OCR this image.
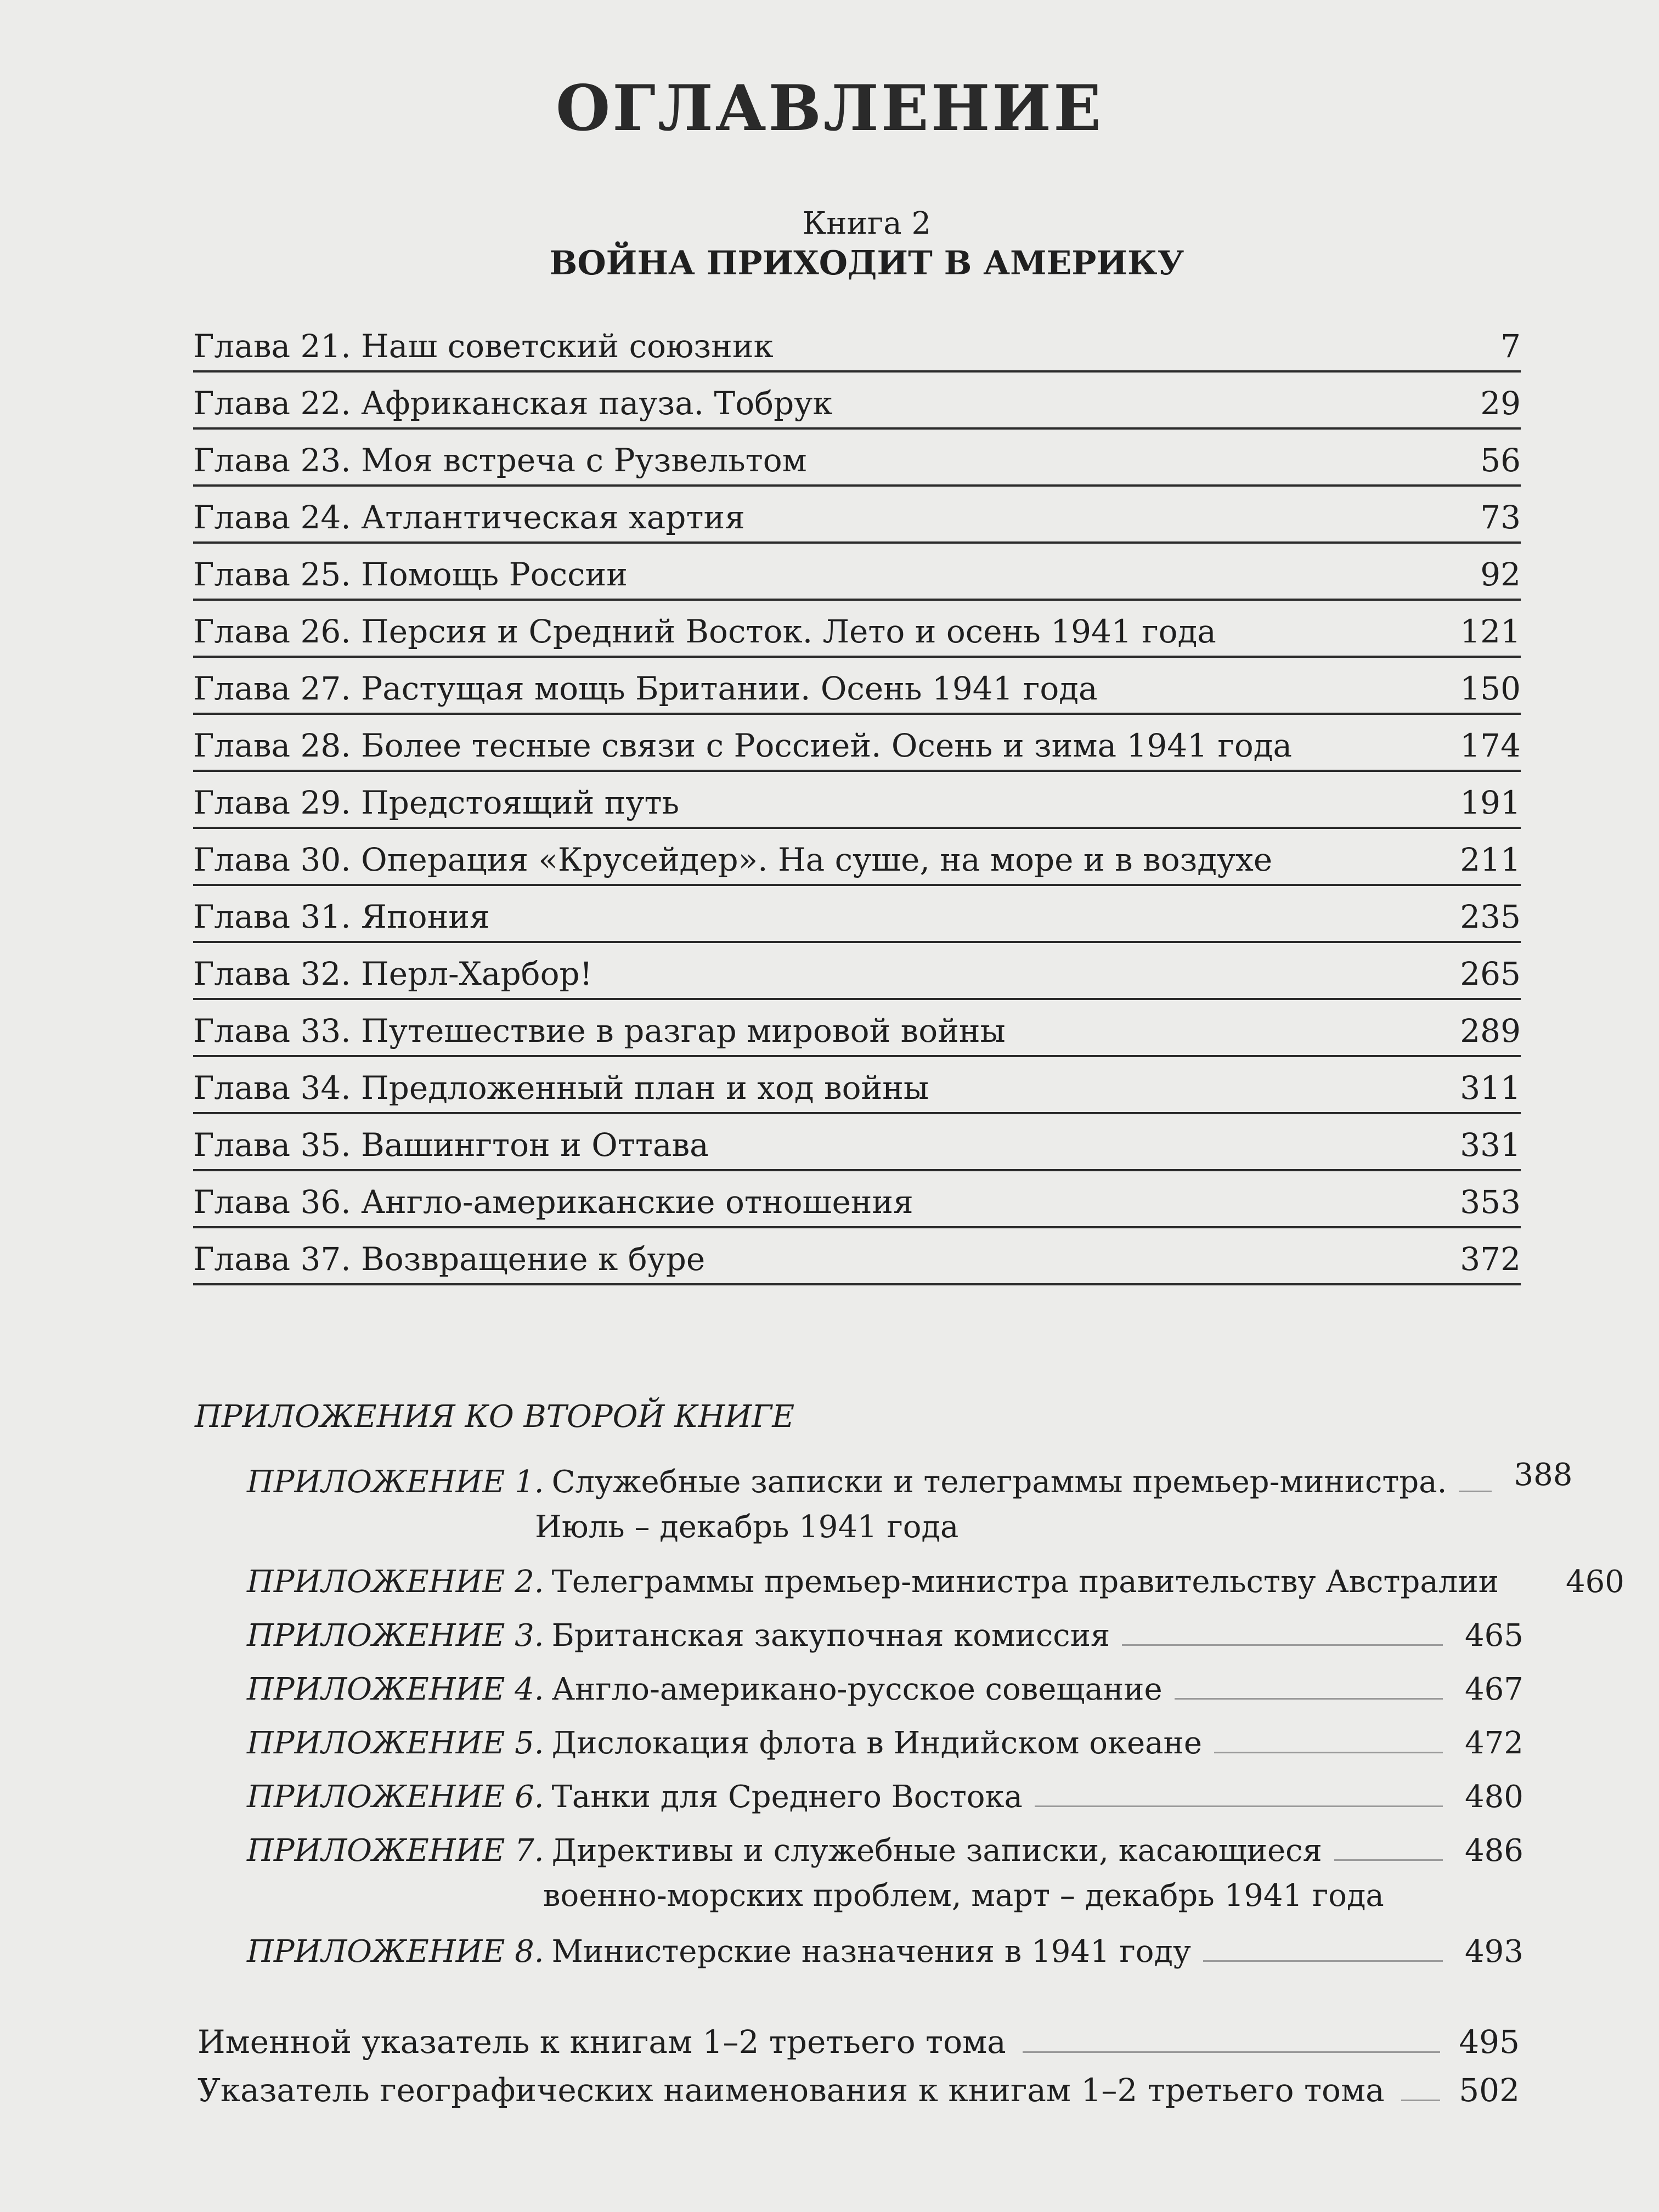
ОГЛАВЛЕНИЕ
Книга 2
ВОЙНА ПРИХОДИТ В АМЕРИКУ
Глава 21. Наш советский союзник	7
Глава 22. Африканская пауза. Тобрук	29
Глава 23. Моя встреча с Рузвельтом	56
Глава 24. Атлантическая хартия	73
Глава 25. Помощь России	92
Глава 26. Персия и Средний Восток. Лето и осень 1941 года	121
Глава 27. Растущая мощь Британии. Осень 1941 года	150
Глава 28. Более тесные связи с Россией. Осень и зима 1941 года	174
Глава 29. Предстоящий путь	191
Глава 30. Операция «Крусейдер». На суше, на море и в воздухе	211
Глава 31. Япония	235
Глава 32. Перл-Харбор!	265
Глава 33. Путешествие в разгар мировой войны	289
Глава 34. Предложенный план и ход войны	311
Глава 35. Вашингтон и Оттава	331
Глава 36. Англо-американские отношения	353
Глава 37. Возвращение к буре	372
ПРИЛОЖЕНИЯ КО ВТОРОЙ КНИГЕ
ПРИЛОЖЕНИЕ 1. Служебные записки и телеграммы премьер-министра. 388
Июль – декабрь 1941 года
ПРИЛОЖЕНИЕ 2. Телеграммы премьер-министра правительству Австралии 460
ПРИЛОЖЕНИЕ 3. Британская закупочная комиссия	465
ПРИЛОЖЕНИЕ 4. Англо-американо-русское совещание	467
ПРИЛОЖЕНИЕ 5. Дислокация флота в Индийском океане	472
ПРИЛОЖЕНИЕ 6. Танки для Среднего Востока	480
ПРИЛОЖЕНИЕ 7. Директивы и служебные записки, касающиеся	486
военно-морских проблем, март – декабрь 1941 года
ПРИЛОЖЕНИЕ 8. Министерские назначения в 1941 году	493
Именной указатель к книгам 1–2 третьего тома	495
Указатель географических наименования к книгам 1–2 третьего тома 502
